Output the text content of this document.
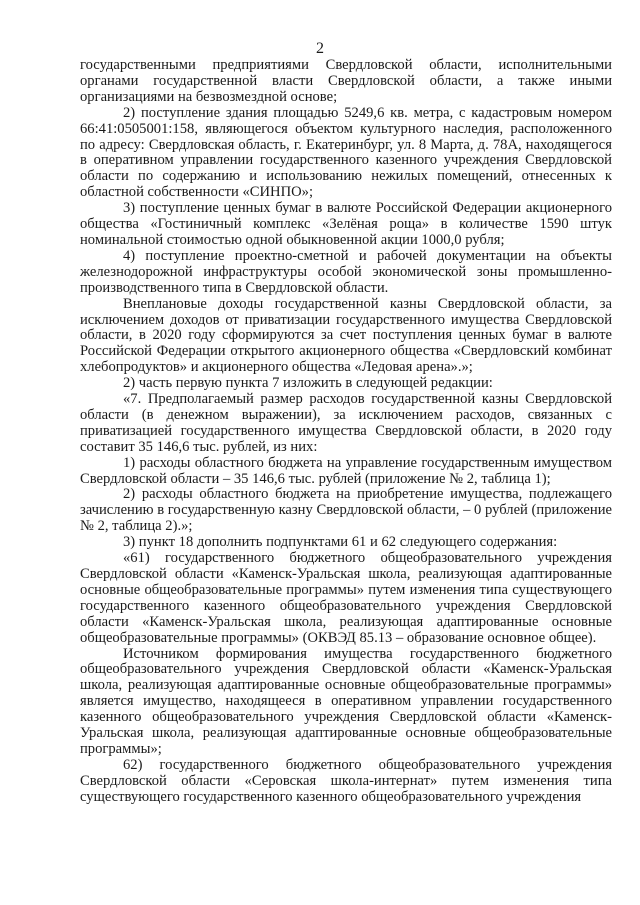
2

государственными предприятиями Свердловской области, исполнительными органами государственной власти Свердловской области, а также иными организациями на безвозмездной основе;

2) поступление здания площадью 5249,6 кв. метра, с кадастровым номером 66:41:0505001:158, являющегося объектом культурного наследия, расположенного по адресу: Свердловская область, г. Екатеринбург, ул. 8 Марта, д. 78А, находящегося в оперативном управлении государственного казенного учреждения Свердловской области по содержанию и использованию нежилых помещений, отнесенных к областной собственности «СИНПО»;

3) поступление ценных бумаг в валюте Российской Федерации акционерного общества «Гостиничный комплекс «Зелёная роща» в количестве 1590 штук номинальной стоимостью одной обыкновенной акции 1000,0 рубля;

4) поступление проектно-сметной и рабочей документации на объекты железнодорожной инфраструктуры особой экономической зоны промышленно-производственного типа в Свердловской области.

Внеплановые доходы государственной казны Свердловской области, за исключением доходов от приватизации государственного имущества Свердловской области, в 2020 году сформируются за счет поступления ценных бумаг в валюте Российской Федерации открытого акционерного общества «Свердловский комбинат хлебопродуктов» и акционерного общества «Ледовая арена».»;

2) часть первую пункта 7 изложить в следующей редакции:

«7. Предполагаемый размер расходов государственной казны Свердловской области (в денежном выражении), за исключением расходов, связанных с приватизацией государственного имущества Свердловской области, в 2020 году составит 35 146,6 тыс. рублей, из них:

1) расходы областного бюджета на управление государственным имуществом Свердловской области – 35 146,6 тыс. рублей (приложение № 2, таблица 1);

2) расходы областного бюджета на приобретение имущества, подлежащего зачислению в государственную казну Свердловской области, – 0 рублей (приложение № 2, таблица 2).»;

3) пункт 18 дополнить подпунктами 61 и 62 следующего содержания:

«61) государственного бюджетного общеобразовательного учреждения Свердловской области «Каменск-Уральская школа, реализующая адаптированные основные общеобразовательные программы» путем изменения типа существующего государственного казенного общеобразовательного учреждения Свердловской области «Каменск-Уральская школа, реализующая адаптированные основные общеобразовательные программы» (ОКВЭД 85.13 – образование основное общее).

Источником формирования имущества государственного бюджетного общеобразовательного учреждения Свердловской области «Каменск-Уральская школа, реализующая адаптированные основные общеобразовательные программы» является имущество, находящееся в оперативном управлении государственного казенного общеобразовательного учреждения Свердловской области «Каменск-Уральская школа, реализующая адаптированные основные общеобразовательные программы»;

62) государственного бюджетного общеобразовательного учреждения Свердловской области «Серовская школа-интернат» путем изменения типа существующего государственного казенного общеобразовательного учреждения
